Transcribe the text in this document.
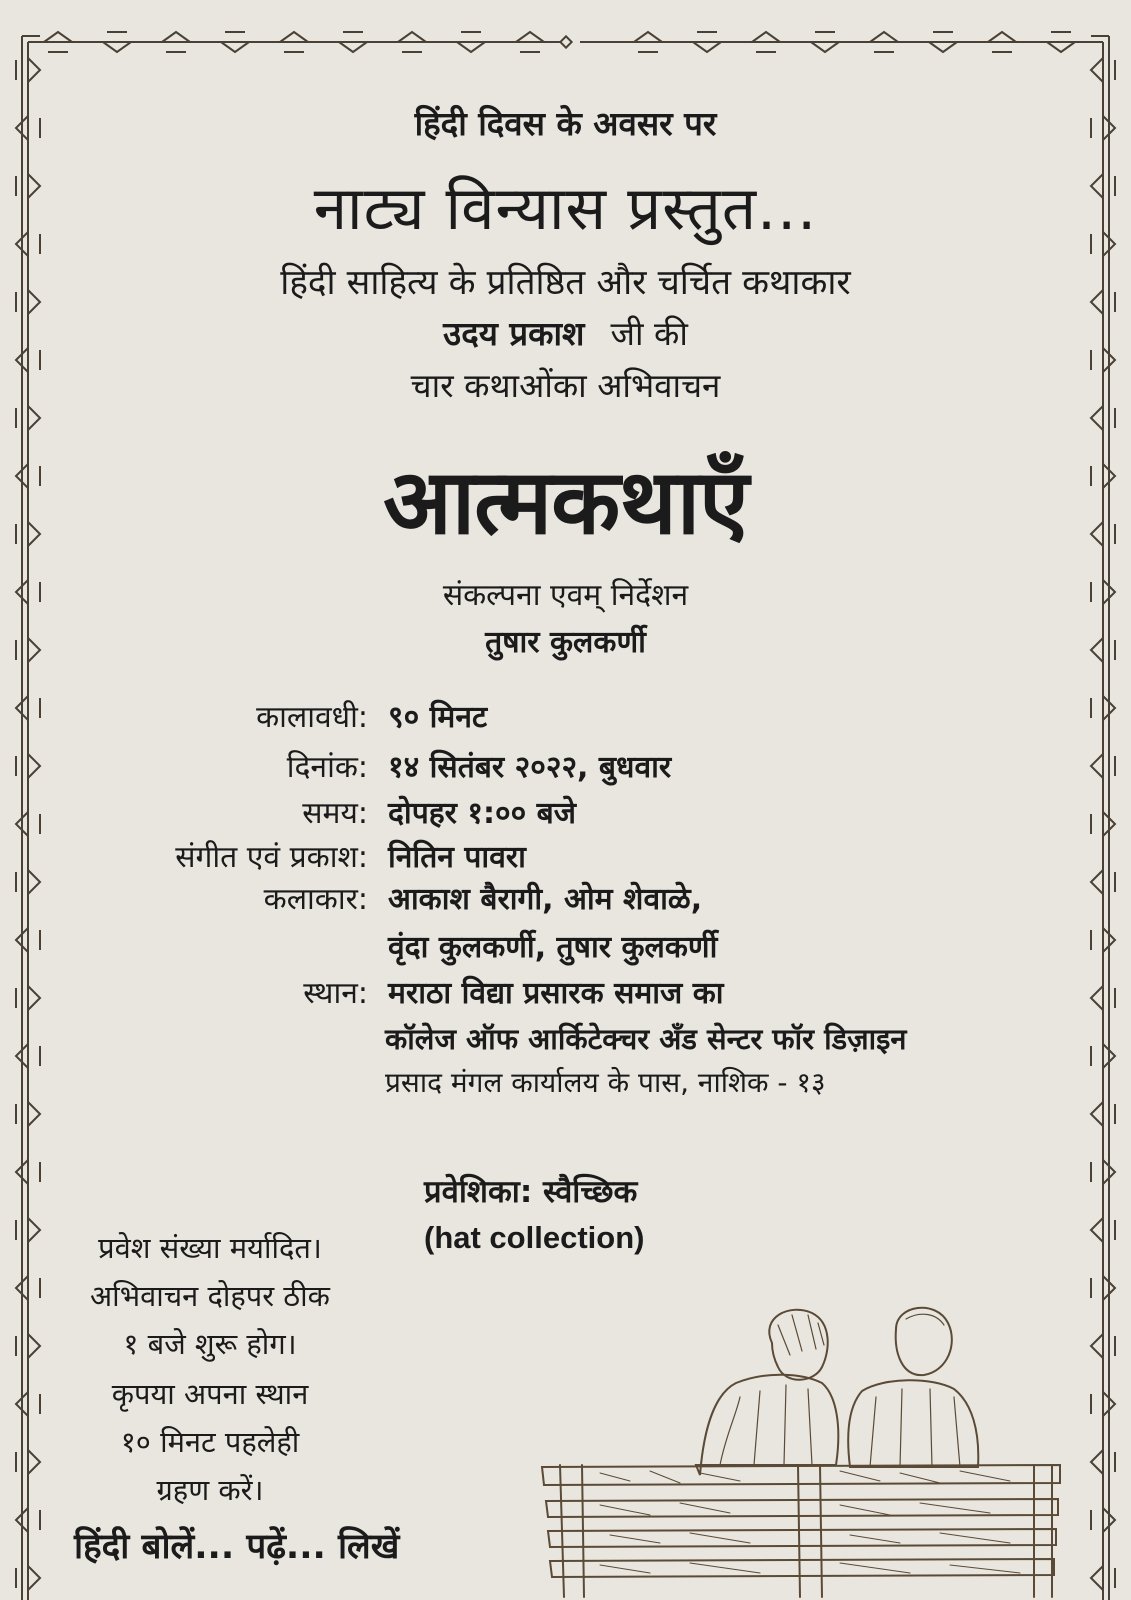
हिंदी दिवस के अवसर पर
नाट्य विन्यास प्रस्तुत...
हिंदी साहित्य के प्रतिष्ठित और चर्चित कथाकार
उदय प्रकाश जी की
चार कथाओंका अभिवाचन
आत्मकथाएँ
संकल्पना एवम् निर्देशन
तुषार कुलकर्णी
कालावधी: ९० मिनट
दिनांक: १४ सितंबर २०२२, बुधवार
समय: दोपहर १:०० बजे
संगीत एवं प्रकाश: नितिन पावरा
कलाकार: आकाश बैरागी, ओम शेवाळे,
वृंदा कुलकर्णी, तुषार कुलकर्णी
स्थान: मराठा विद्या प्रसारक समाज का
कॉलेज ऑफ आर्किटेक्चर अँड सेन्टर फॉर डिज़ाइन
प्रसाद मंगल कार्यालय के पास, नाशिक - १३
प्रवेशिका: स्वैच्छिक
(hat collection)
प्रवेश संख्या मर्यादित।
अभिवाचन दोहपर ठीक
१ बजे शुरू होग।
कृपया अपना स्थान
१० मिनट पहलेही
ग्रहण करें।
हिंदी बोलें... पढ़ें... लिखें
